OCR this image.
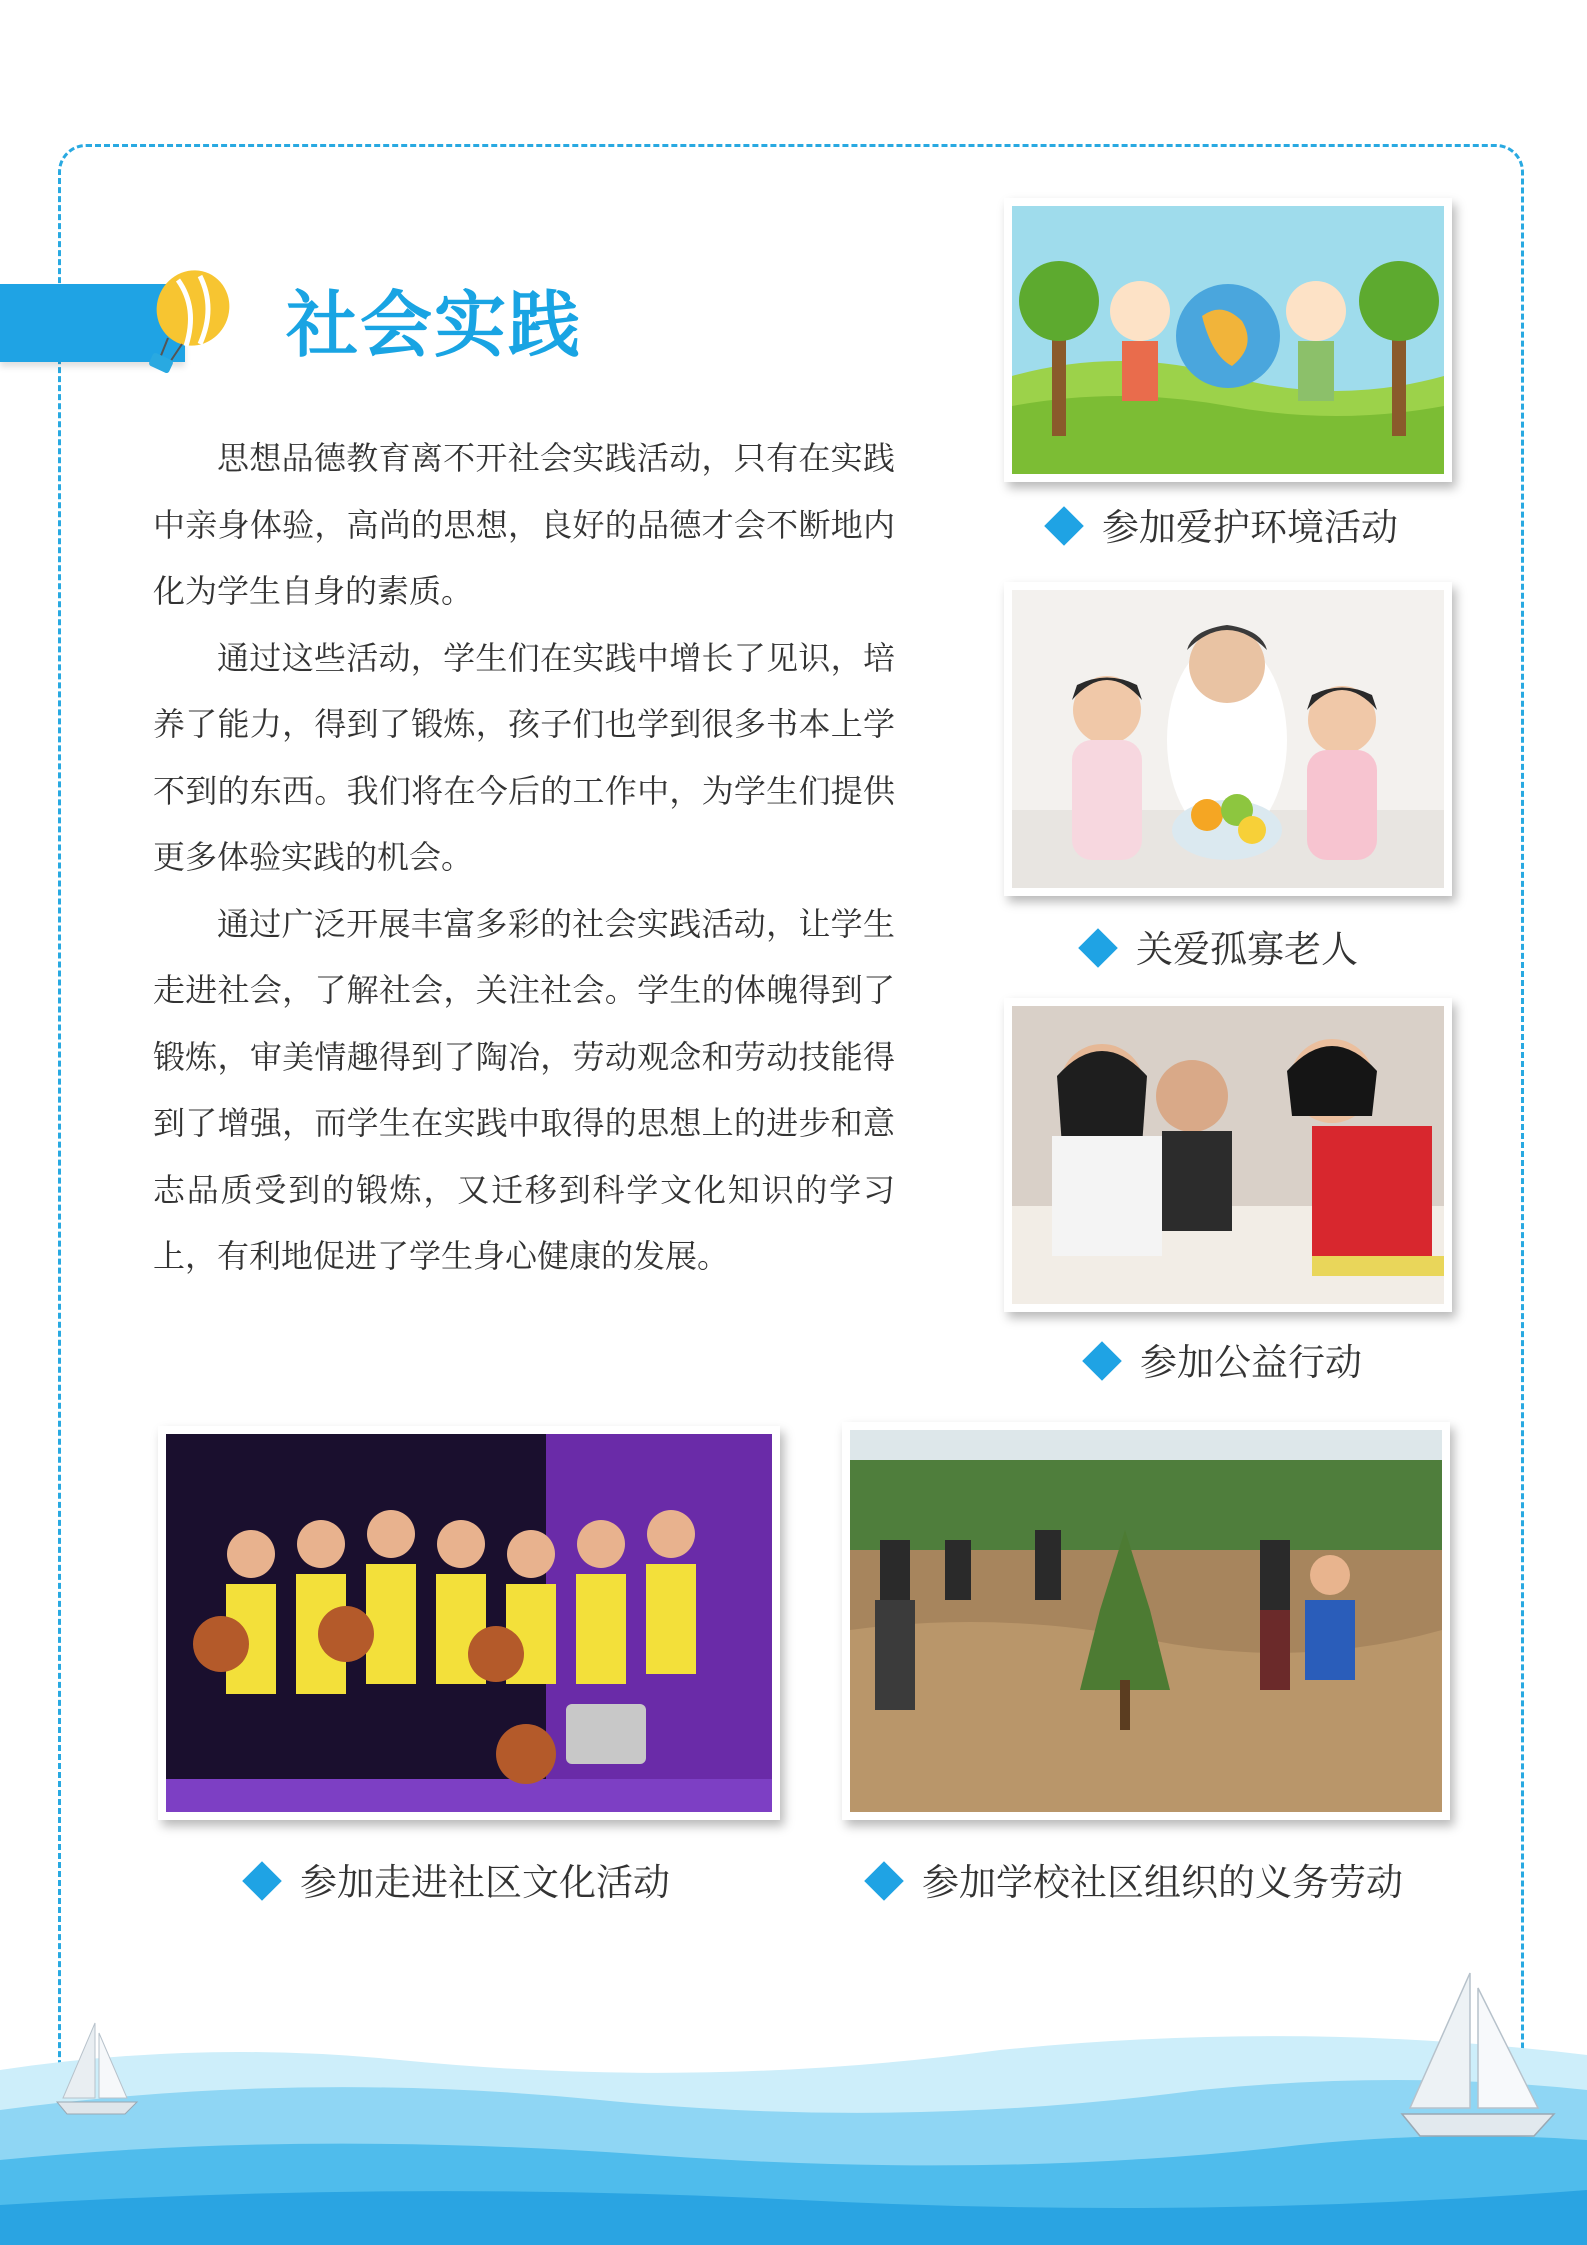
社会实践

思想品德教育离不开社会实践活动，只有在实践中亲身体验，高尚的思想，良好的品德才会不断地内化为学生自身的素质。

通过这些活动，学生们在实践中增长了见识，培养了能力，得到了锻炼，孩子们也学到很多书本上学不到的东西。我们将在今后的工作中，为学生们提供更多体验实践的机会。

通过广泛开展丰富多彩的社会实践活动，让学生走进社会，了解社会，关注社会。学生的体魄得到了锻炼，审美情趣得到了陶冶，劳动观念和劳动技能得到了增强，而学生在实践中取得的思想上的进步和意志品质受到的锻炼，又迁移到科学文化知识的学习上，有利地促进了学生身心健康的发展。

参加爱护环境活动
关爱孤寡老人
参加公益行动
参加走进社区文化活动	参加学校社区组织的义务劳动
